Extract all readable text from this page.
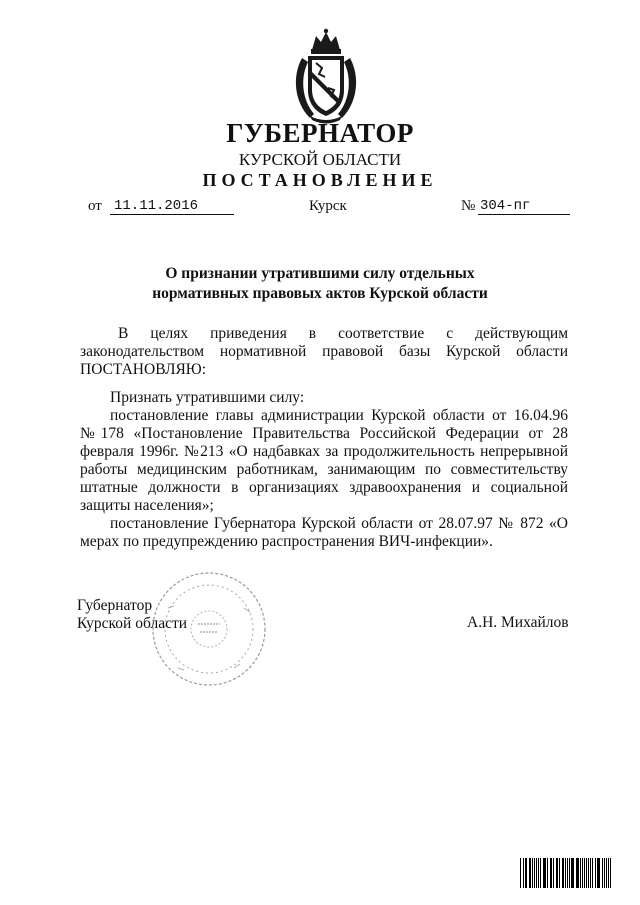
ГУБЕРНАТОР
КУРСКОЙ ОБЛАСТИ
ПОСТАНОВЛЕНИЕ
от 11.11.2016	Курск	№ 304-пг
О признании утратившими силу отдельных
нормативных правовых актов Курской области
В целях приведения в соответствие с действующим законодательством нормативной правовой базы Курской области ПОСТАНОВЛЯЮ:
Признать утратившими силу:
постановление главы администрации Курской области от 16.04.96 №178 «Постановление Правительства Российской Федерации от 28 февраля 1996г. №213 «О надбавках за продолжительность непрерывной работы медицинским работникам, занимающим по совместительству штатные должности в организациях здравоохранения и социальной защиты населения»;
постановление Губернатора Курской области от 28.07.97 № 872 «О мерах по предупреждению распространения ВИЧ-инфекции».
Губернатор
Курской области	А.Н. Михайлов
